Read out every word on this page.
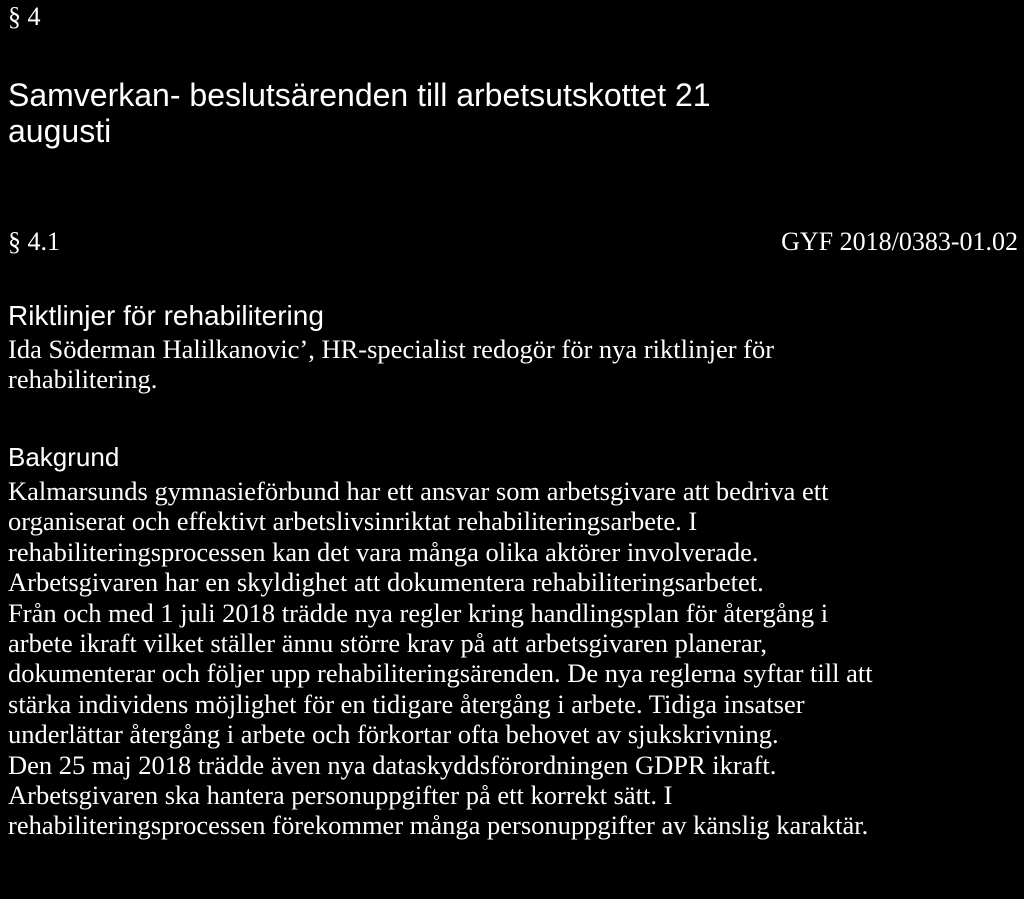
§ 4
Samverkan- beslutsärenden till arbetsutskottet 21
augusti
§ 4.1	GYF 2018/0383-01.02
Riktlinjer för rehabilitering
Ida Söderman Halilkanovic’, HR-specialist redogör för nya riktlinjer för
rehabilitering.
Bakgrund
Kalmarsunds gymnasieförbund har ett ansvar som arbetsgivare att bedriva ett
organiserat och effektivt arbetslivsinriktat rehabiliteringsarbete. I
rehabiliteringsprocessen kan det vara många olika aktörer involverade.
Arbetsgivaren har en skyldighet att dokumentera rehabiliteringsarbetet.
Från och med 1 juli 2018 trädde nya regler kring handlingsplan för återgång i
arbete ikraft vilket ställer ännu större krav på att arbetsgivaren planerar,
dokumenterar och följer upp rehabiliteringsärenden. De nya reglerna syftar till att
stärka individens möjlighet för en tidigare återgång i arbete. Tidiga insatser
underlättar återgång i arbete och förkortar ofta behovet av sjukskrivning.
Den 25 maj 2018 trädde även nya dataskyddsförordningen GDPR ikraft.
Arbetsgivaren ska hantera personuppgifter på ett korrekt sätt. I
rehabiliteringsprocessen förekommer många personuppgifter av känslig karaktär.
